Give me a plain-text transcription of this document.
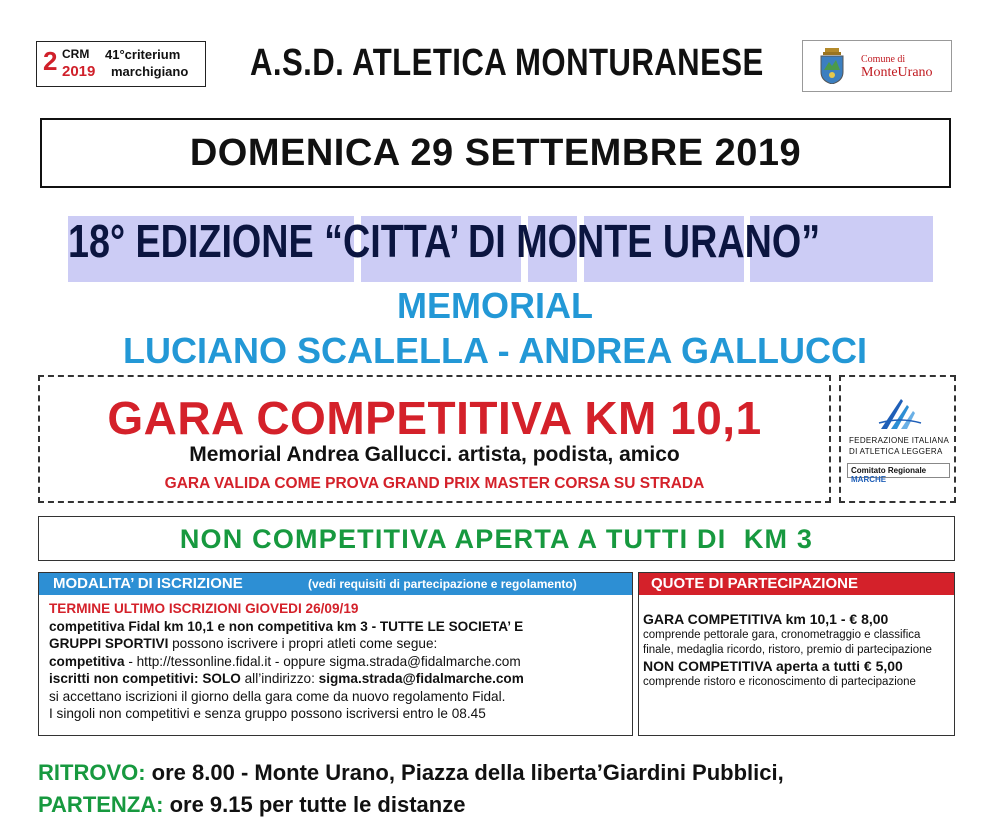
2 CRM
2019
41°criterium
marchigiano A.S.D. ATLETICA MONTURANESE	Comune di
MonteUrano
DOMENICA 29 SETTEMBRE 2019
18° EDIZIONE “CITTA’ DI MONTE URANO”
MEMORIAL
LUCIANO SCALELLA - ANDREA GALLUCCI
GARA COMPETITIVA KM 10,1
Memorial Andrea Gallucci. artista, podista, amico
GARA VALIDA COME PROVA GRAND PRIX MASTER CORSA SU STRADA
FEDERAZIONE ITALIANA
DI ATLETICA LEGGERA
Comitato Regionale MARCHE
NON COMPETITIVA APERTA A TUTTI DI  KM 3
MODALITA’ DI ISCRIZIONE	(vedi requisiti di partecipazione e regolamento)
TERMINE ULTIMO ISCRIZIONI GIOVEDI 26/09/19
competitiva Fidal km 10,1 e non competitiva km 3 - TUTTE LE SOCIETA’ E
GRUPPI SPORTIVI possono iscrivere i propri atleti come segue:
competitiva - http://tessonline.fidal.it - oppure sigma.strada@fidalmarche.com
iscritti non competitivi: SOLO all’indirizzo: sigma.strada@fidalmarche.com
si accettano iscrizioni il giorno della gara come da nuovo regolamento Fidal.
I singoli non competitivi e senza gruppo possono iscriversi entro le 08.45
QUOTE DI PARTECIPAZIONE
GARA COMPETITIVA km 10,1 - € 8,00
comprende pettorale gara, cronometraggio e classifica finale, medaglia ricordo, ristoro, premio di partecipazione
NON COMPETITIVA aperta a tutti € 5,00
comprende ristoro e riconoscimento di partecipazione
RITROVO: ore 8.00 - Monte Urano, Piazza della liberta’Giardini Pubblici,
PARTENZA: ore 9.15 per tutte le distanze
